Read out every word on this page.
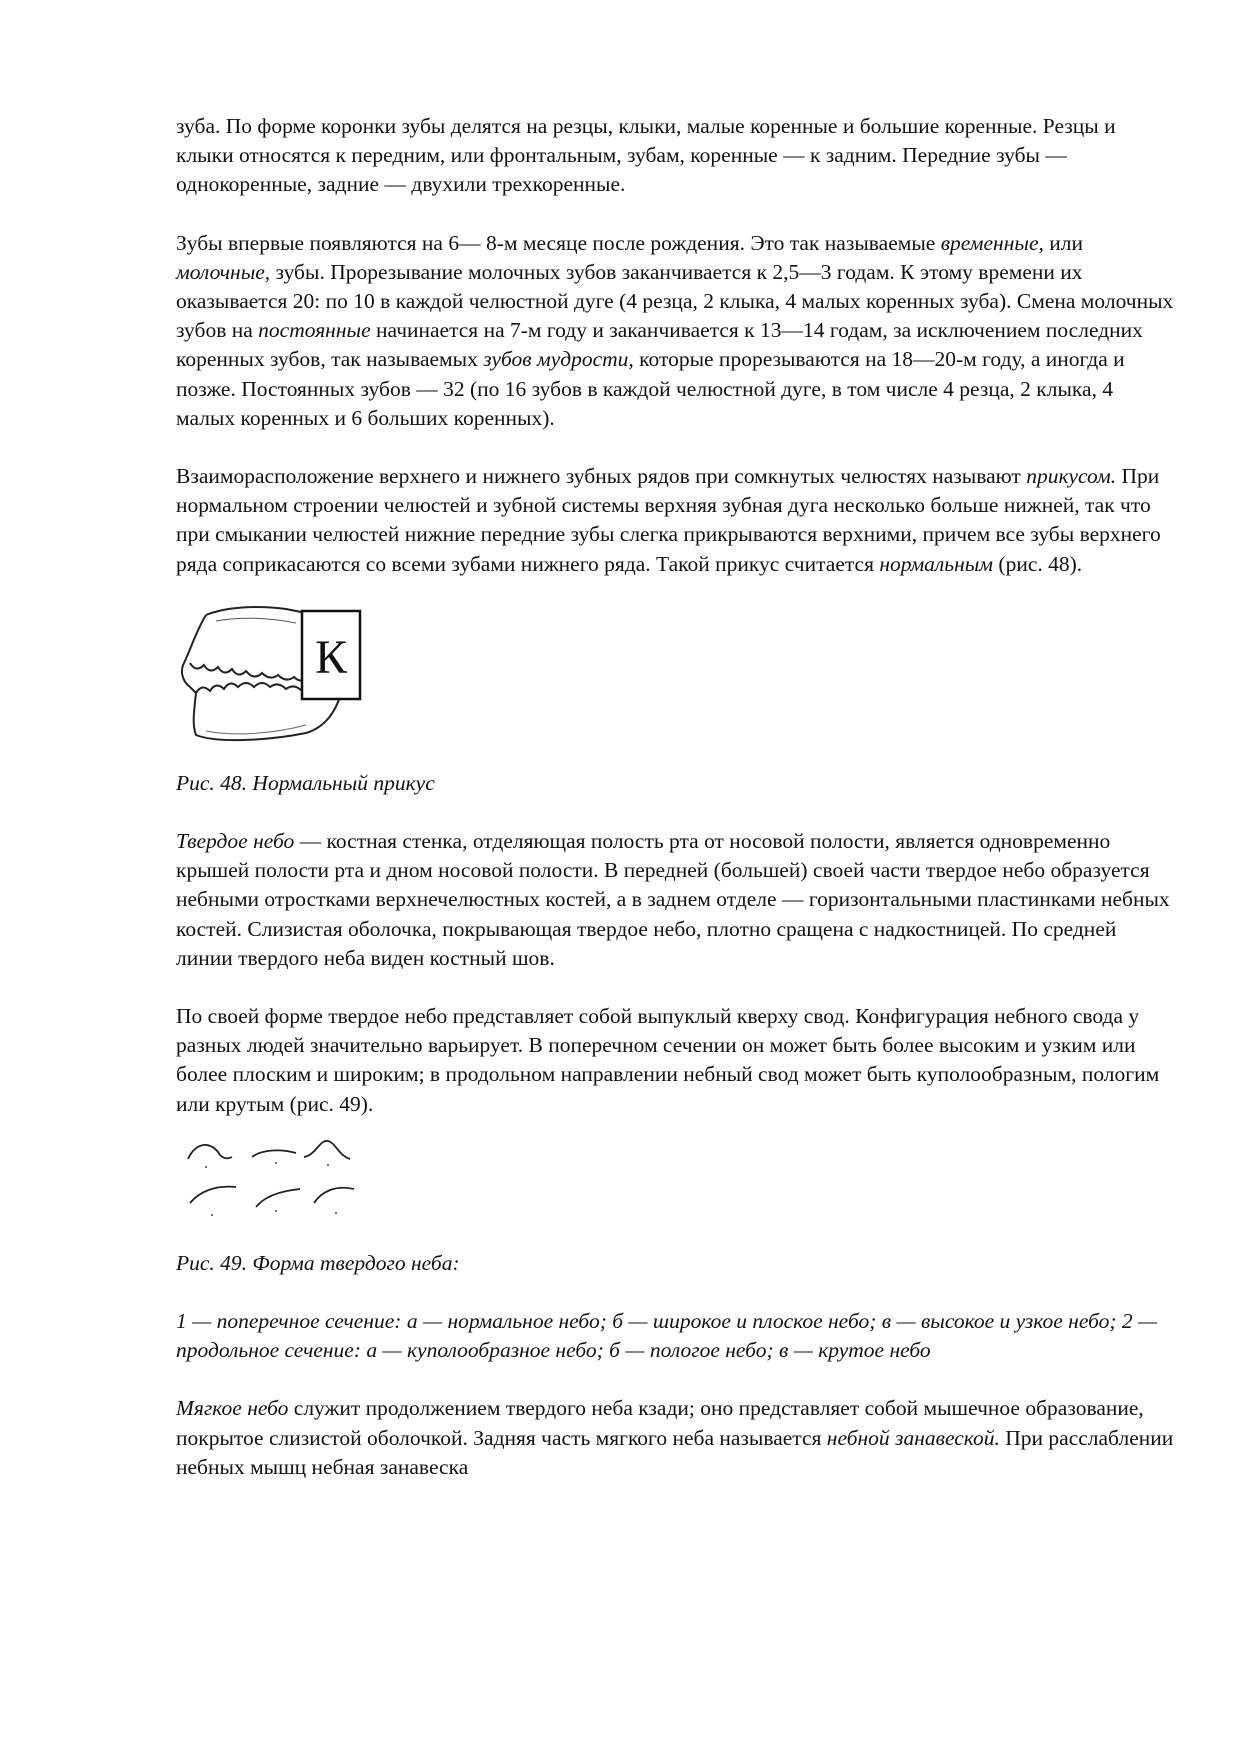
зуба. По форме коронки зубы делятся на резцы, клыки, малые коренные и большие коренные. Резцы и клыки относятся к передним, или фронтальным, зубам, коренные — к задним. Передние зубы — однокоренные, задние — двухили трехкоренные.

Зубы впервые появляются на 6— 8-м месяце после рождения. Это так называемые временные, или молочные, зубы. Прорезывание молочных зубов заканчивается к 2,5—3 годам. К этому времени их оказывается 20: по 10 в каждой челюстной дуге (4 резца, 2 клыка, 4 малых коренных зуба). Смена молочных зубов на постоянные начинается на 7-м году и заканчивается к 13—14 годам, за исключением последних коренных зубов, так называемых зубов мудрости, которые прорезываются на 18—20-м году, а иногда и позже. Постоянных зубов — 32 (по 16 зубов в каждой челюстной дуге, в том числе 4 резца, 2 клыка, 4 малых коренных и 6 больших коренных).

Взаиморасположение верхнего и нижнего зубных рядов при сомкнутых челюстях называют прикусом. При нормальном строении челюстей и зубной системы верхняя зубная дуга несколько больше нижней, так что при смыкании челюстей нижние передние зубы слегка прикрываются верхними, причем все зубы верхнего ряда соприкасаются со всеми зубами нижнего ряда. Такой прикус считается нормальным (рис. 48).

К

Рис. 48. Нормальный прикус

Твердое небо — костная стенка, отделяющая полость рта от носовой полости, является одновременно крышей полости рта и дном носовой полости. В передней (большей) своей части твердое небо образуется небными отростками верхнечелюстных костей, а в заднем отделе — горизонтальными пластинками небных костей. Слизистая оболочка, покрывающая твердое небо, плотно сращена с надкостницей. По средней линии твердого неба виден костный шов.

По своей форме твердое небо представляет собой выпуклый кверху свод. Конфигурация небного свода у разных людей значительно варьирует. В поперечном сечении он может быть более высоким и узким или более плоским и широким; в продольном направлении небный свод может быть куполообразным, пологим или крутым (рис. 49).

Рис. 49. Форма твердого неба:

1 — поперечное сечение: а — нормальное небо; б — широкое и плоское небо; в — высокое и узкое небо; 2 — продольное сечение: а — куполообразное небо; б — пологое небо; в — крутое небо

Мягкое небо служит продолжением твердого неба кзади; оно представляет собой мышечное образование, покрытое слизистой оболочкой. Задняя часть мягкого неба называется небной занавеской. При расслаблении небных мышц небная занавеска
